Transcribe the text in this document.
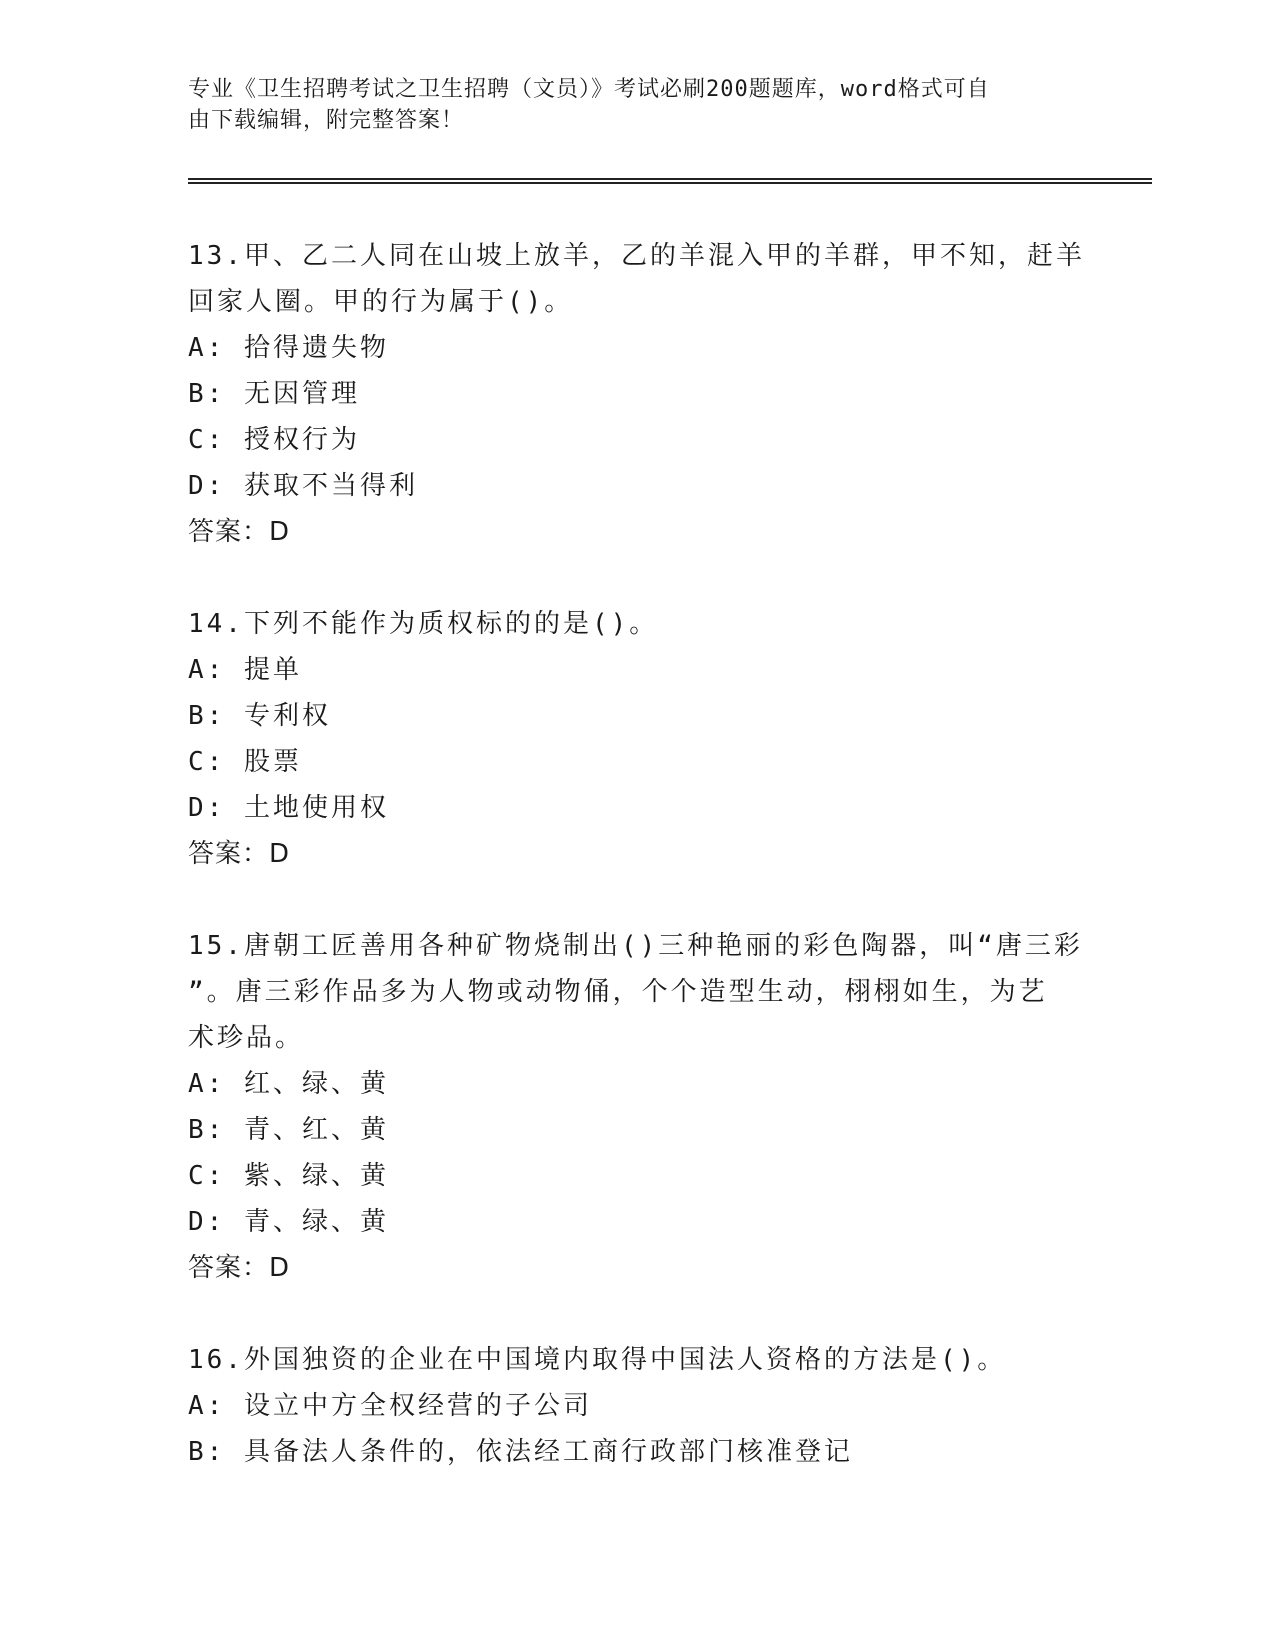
专业《卫生招聘考试之卫生招聘（文员）》考试必刷200题题库，word格式可自
由下载编辑，附完整答案！
13.甲、乙二人同在山坡上放羊，乙的羊混入甲的羊群，甲不知，赶羊
回家人圈。甲的行为属于()。
A: 拾得遗失物
B: 无因管理
C: 授权行为
D: 获取不当得利
答案：D
14.下列不能作为质权标的的是()。
A: 提单
B: 专利权
C: 股票
D: 土地使用权
答案：D
15.唐朝工匠善用各种矿物烧制出()三种艳丽的彩色陶器，叫“唐三彩
”。唐三彩作品多为人物或动物俑，个个造型生动，栩栩如生，为艺
术珍品。
A: 红、绿、黄
B: 青、红、黄
C: 紫、绿、黄
D: 青、绿、黄
答案：D
16.外国独资的企业在中国境内取得中国法人资格的方法是()。
A: 设立中方全权经营的子公司
B: 具备法人条件的，依法经工商行政部门核准登记
